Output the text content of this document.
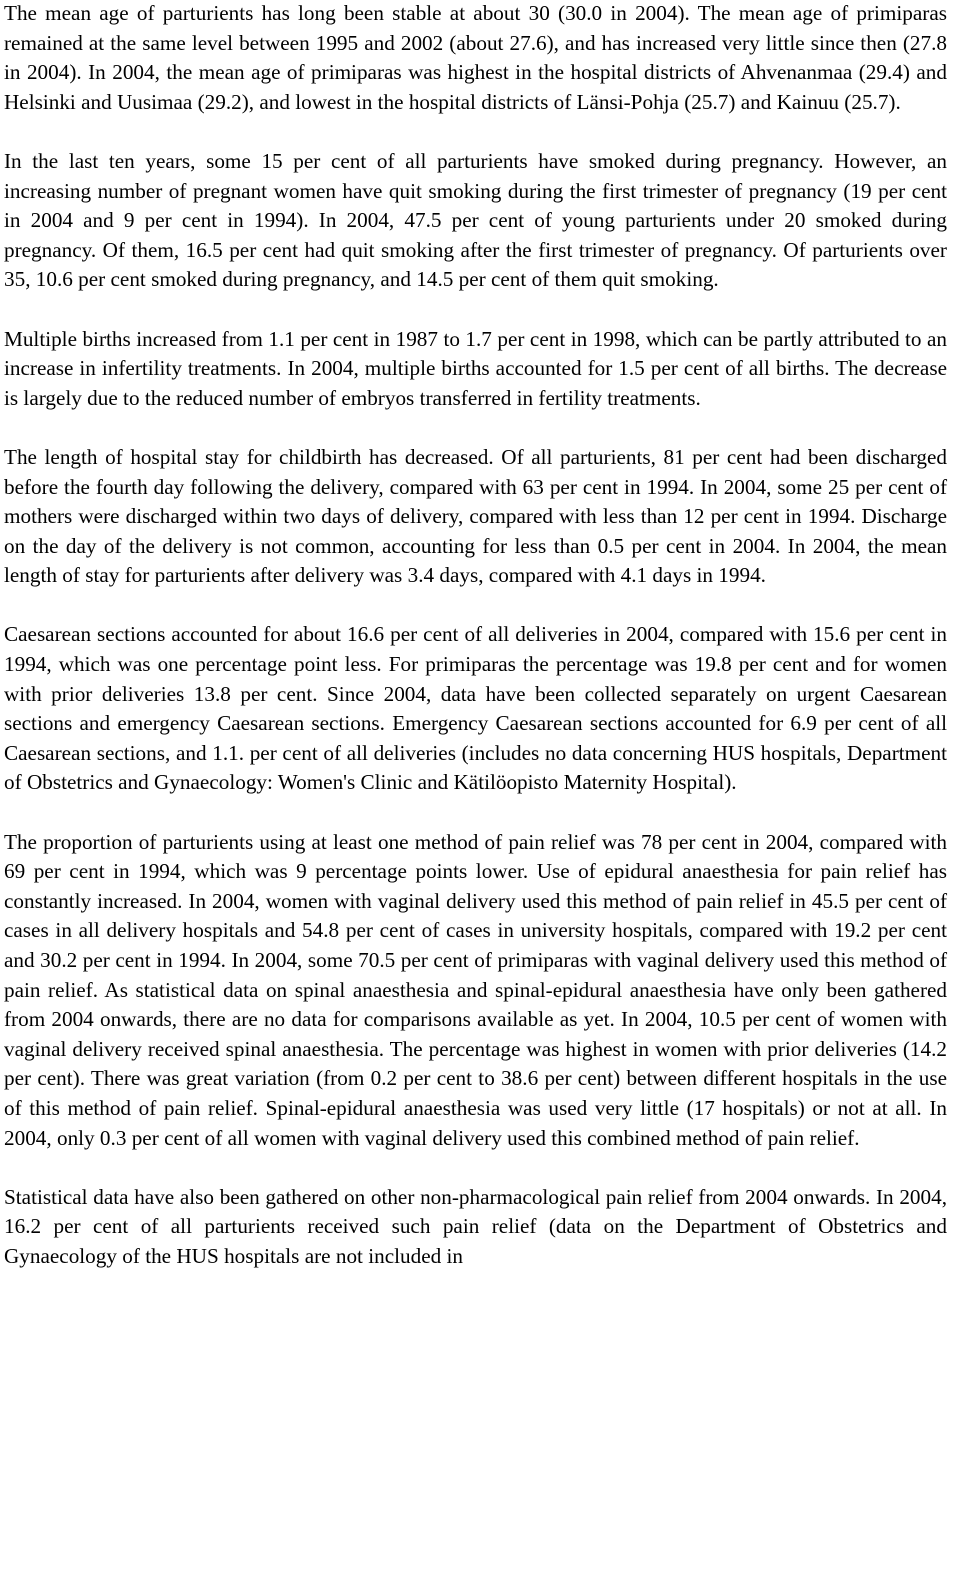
The mean age of parturients has long been stable at about 30 (30.0 in 2004). The mean age of primiparas remained at the same level between 1995 and 2002 (about 27.6), and has increased very little since then (27.8 in 2004). In 2004, the mean age of primiparas was highest in the hospital districts of Ahvenanmaa (29.4) and Helsinki and Uusimaa (29.2), and lowest in the hospital districts of Länsi-Pohja (25.7) and Kainuu (25.7).

In the last ten years, some 15 per cent of all parturients have smoked during pregnancy. However, an increasing number of pregnant women have quit smoking during the first trimester of pregnancy (19 per cent in 2004 and 9 per cent in 1994). In 2004, 47.5 per cent of young parturients under 20 smoked during pregnancy. Of them, 16.5 per cent had quit smoking after the first trimester of pregnancy. Of parturients over 35, 10.6 per cent smoked during pregnancy, and 14.5 per cent of them quit smoking.

Multiple births increased from 1.1 per cent in 1987 to 1.7 per cent in 1998, which can be partly attributed to an increase in infertility treatments. In 2004, multiple births accounted for 1.5 per cent of all births. The decrease is largely due to the reduced number of embryos transferred in fertility treatments.

The length of hospital stay for childbirth has decreased. Of all parturients, 81 per cent had been discharged before the fourth day following the delivery, compared with 63 per cent in 1994. In 2004, some 25 per cent of mothers were discharged within two days of delivery, compared with less than 12 per cent in 1994. Discharge on the day of the delivery is not common, accounting for less than 0.5 per cent in 2004. In 2004, the mean length of stay for parturients after delivery was 3.4 days, compared with 4.1 days in 1994.

Caesarean sections accounted for about 16.6 per cent of all deliveries in 2004, compared with 15.6 per cent in 1994, which was one percentage point less. For primiparas the percentage was 19.8 per cent and for women with prior deliveries 13.8 per cent. Since 2004, data have been collected separately on urgent Caesarean sections and emergency Caesarean sections. Emergency Caesarean sections accounted for 6.9 per cent of all Caesarean sections, and 1.1. per cent of all deliveries (includes no data concerning HUS hospitals, Department of Obstetrics and Gynaecology: Women's Clinic and Kätilöopisto Maternity Hospital).

The proportion of parturients using at least one method of pain relief was 78 per cent in 2004, compared with 69 per cent in 1994, which was 9 percentage points lower. Use of epidural anaesthesia for pain relief has constantly increased. In 2004, women with vaginal delivery used this method of pain relief in 45.5 per cent of cases in all delivery hospitals and 54.8 per cent of cases in university hospitals, compared with 19.2 per cent and 30.2 per cent in 1994. In 2004, some 70.5 per cent of primiparas with vaginal delivery used this method of pain relief. As statistical data on spinal anaesthesia and spinal-epidural anaesthesia have only been gathered from 2004 onwards, there are no data for comparisons available as yet. In 2004, 10.5 per cent of women with vaginal delivery received spinal anaesthesia. The percentage was highest in women with prior deliveries (14.2 per cent). There was great variation (from 0.2 per cent to 38.6 per cent) between different hospitals in the use of this method of pain relief. Spinal-epidural anaesthesia was used very little (17 hospitals) or not at all. In 2004, only 0.3 per cent of all women with vaginal delivery used this combined method of pain relief.

Statistical data have also been gathered on other non-pharmacological pain relief from 2004 onwards. In 2004, 16.2 per cent of all parturients received such pain relief (data on the Department of Obstetrics and Gynaecology of the HUS hospitals are not included in
